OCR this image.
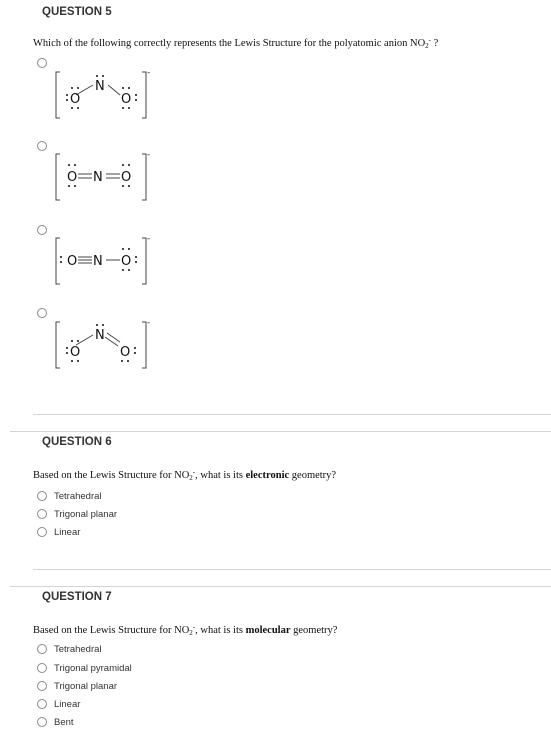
QUESTION 5
Which of the following correctly represents the Lewis Structure for the polyatomic anion $NO_2^-$ ?
-
O
N
O
-
O N O
-
O N O
-
O
N
O
QUESTION 6
Based on the Lewis Structure for $NO_2^-$, what is its electronic geometry?
Tetrahedral
Trigonal planar
Linear
QUESTION 7
Based on the Lewis Structure for $NO_2^-$, what is its molecular geometry?
Tetrahedral
Trigonal pyramidal
Trigonal planar
Linear
Bent
